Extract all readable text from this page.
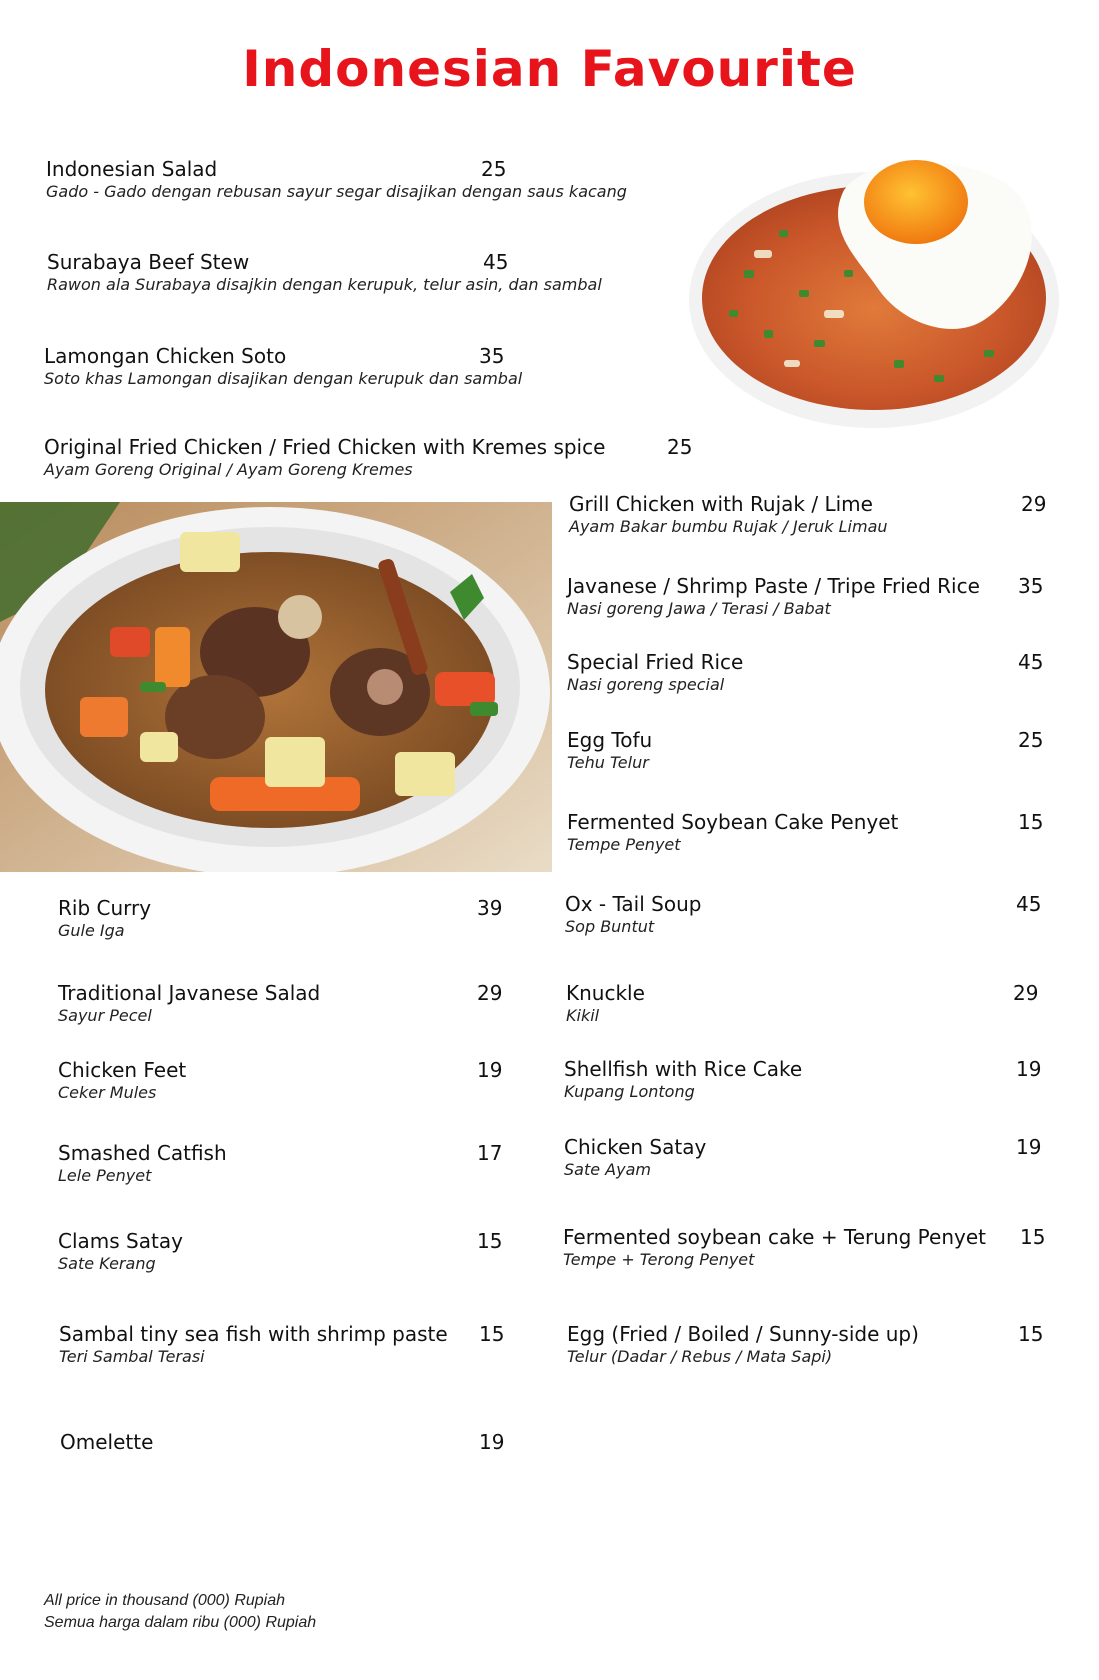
Indonesian Favourite
Indonesian Salad
Gado - Gado dengan rebusan sayur segar disajikan dengan saus kacang
25
Surabaya Beef Stew
Rawon ala Surabaya disajkin dengan kerupuk, telur asin, dan sambal
45
Lamongan Chicken Soto
Soto khas Lamongan disajikan dengan kerupuk dan sambal
35
Original Fried Chicken / Fried Chicken with Kremes spice
Ayam Goreng Original / Ayam Goreng Kremes
25
Grill Chicken with Rujak / Lime
Ayam Bakar bumbu Rujak / Jeruk Limau
29
Javanese / Shrimp Paste / Tripe Fried Rice
Nasi goreng Jawa / Terasi / Babat
35
Special Fried Rice
Nasi goreng special
45
Egg Tofu
Tehu Telur
25
Fermented Soybean Cake Penyet
Tempe Penyet
15
Rib Curry
Gule Iga
39
Traditional Javanese Salad
Sayur Pecel
29
Chicken Feet
Ceker Mules
19
Smashed Catfish
Lele Penyet
17
Clams Satay
Sate Kerang
15
Sambal tiny sea fish with shrimp paste
Teri Sambal Terasi
15
Omelette	19
Ox - Tail Soup
Sop Buntut
45
Knuckle
Kikil
29
Shellfish with Rice Cake
Kupang Lontong
19
Chicken Satay
Sate Ayam
19
Fermented soybean cake + Terung Penyet
Tempe + Terong Penyet
15
Egg (Fried / Boiled / Sunny-side up)
Telur (Dadar / Rebus / Mata Sapi)
15
All price in thousand (000) Rupiah
Semua harga dalam ribu (000) Rupiah
